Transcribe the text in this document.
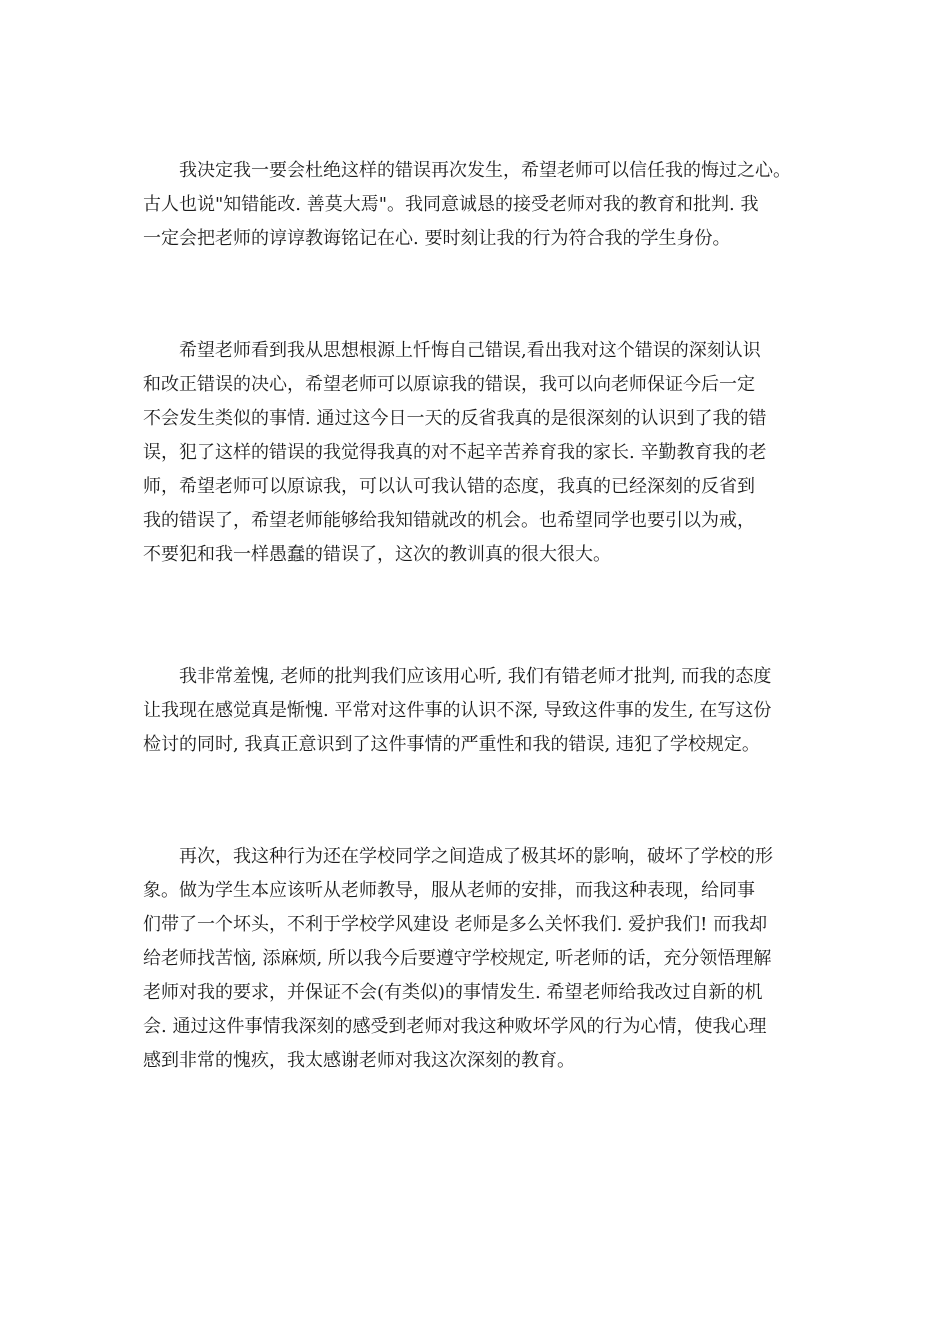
　　我决定我一要会杜绝这样的错误再次发生，希望老师可以信任我的悔过之心。
古人也说"知错能改. 善莫大焉"。我同意诚恳的接受老师对我的教育和批判. 我
一定会把老师的谆谆教诲铭记在心. 要时刻让我的行为符合我的学生身份。

　　希望老师看到我从思想根源上忏悔自己错误,看出我对这个错误的深刻认识
和改正错误的决心，希望老师可以原谅我的错误，我可以向老师保证今后一定
不会发生类似的事情. 通过这今日一天的反省我真的是很深刻的认识到了我的错
误，犯了这样的错误的我觉得我真的对不起辛苦养育我的家长. 辛勤教育我的老
师，希望老师可以原谅我，可以认可我认错的态度，我真的已经深刻的反省到
我的错误了，希望老师能够给我知错就改的机会。也希望同学也要引以为戒，
不要犯和我一样愚蠢的错误了，这次的教训真的很大很大。

　　我非常羞愧, 老师的批判我们应该用心听, 我们有错老师才批判, 而我的态度
让我现在感觉真是惭愧. 平常对这件事的认识不深, 导致这件事的发生, 在写这份
检讨的同时, 我真正意识到了这件事情的严重性和我的错误, 违犯了学校规定。

　　再次，我这种行为还在学校同学之间造成了极其坏的影响，破坏了学校的形
象。做为学生本应该听从老师教导，服从老师的安排，而我这种表现，给同事
们带了一个坏头，不利于学校学风建设 老师是多么关怀我们. 爱护我们! 而我却
给老师找苦恼, 添麻烦, 所以我今后要遵守学校规定, 听老师的话，充分领悟理解
老师对我的要求，并保证不会(有类似)的事情发生. 希望老师给我改过自新的机
会. 通过这件事情我深刻的感受到老师对我这种败坏学风的行为心情，使我心理
感到非常的愧疚，我太感谢老师对我这次深刻的教育。
